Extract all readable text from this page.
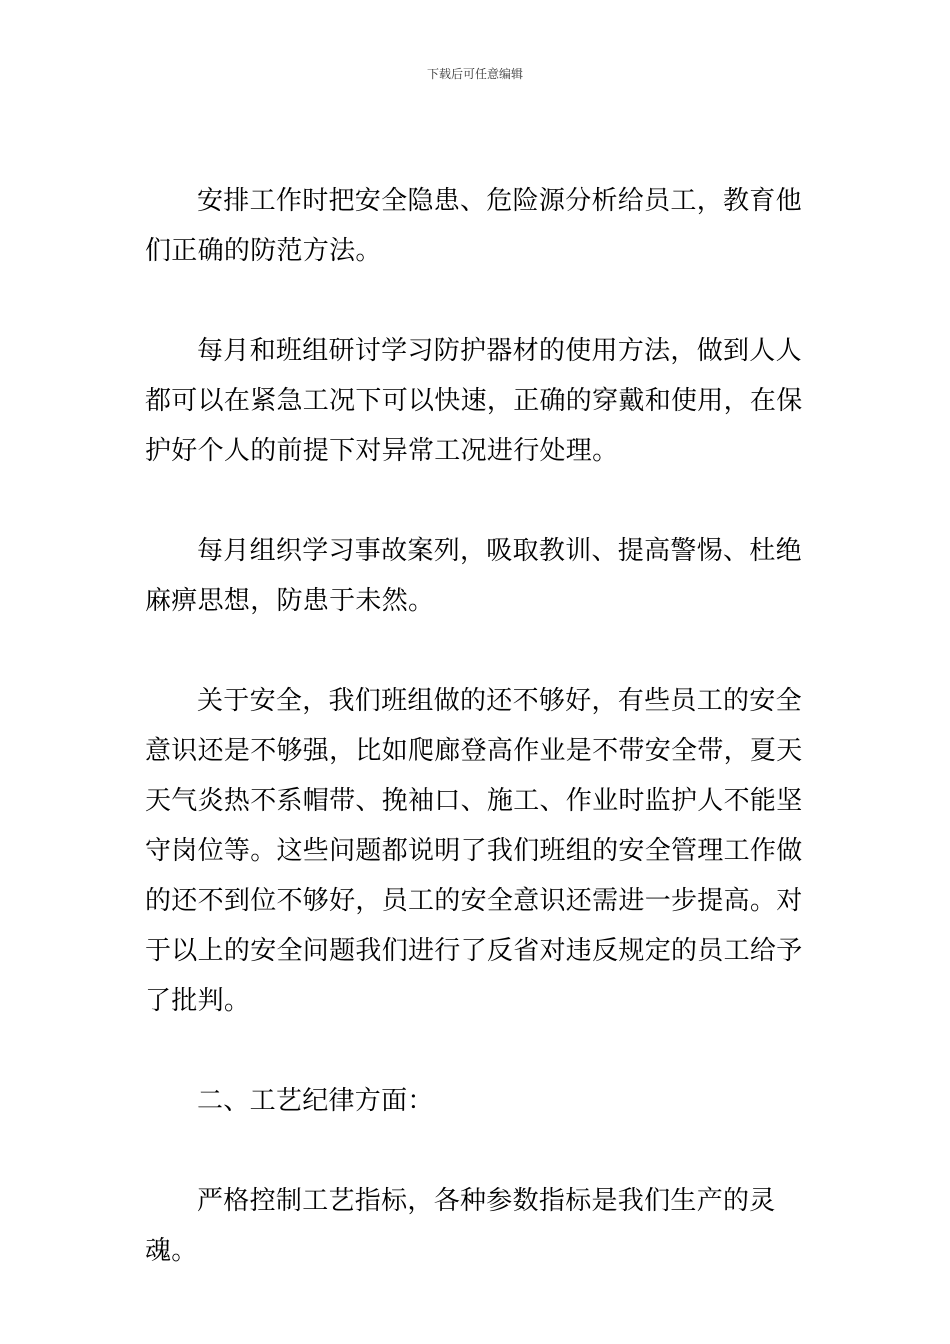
下载后可任意编辑

安排工作时把安全隐患、危险源分析给员工，教育他们正确的防范方法。

每月和班组研讨学习防护器材的使用方法，做到人人都可以在紧急工况下可以快速，正确的穿戴和使用，在保护好个人的前提下对异常工况进行处理。

每月组织学习事故案列，吸取教训、提高警惕、杜绝麻痹思想，防患于未然。

关于安全，我们班组做的还不够好，有些员工的安全意识还是不够强，比如爬廊登高作业是不带安全带，夏天天气炎热不系帽带、挽袖口、施工、作业时监护人不能坚守岗位等。这些问题都说明了我们班组的安全管理工作做的还不到位不够好，员工的安全意识还需进一步提高。对于以上的安全问题我们进行了反省对违反规定的员工给予了批判。

二、工艺纪律方面：

严格控制工艺指标，各种参数指标是我们生产的灵魂。
